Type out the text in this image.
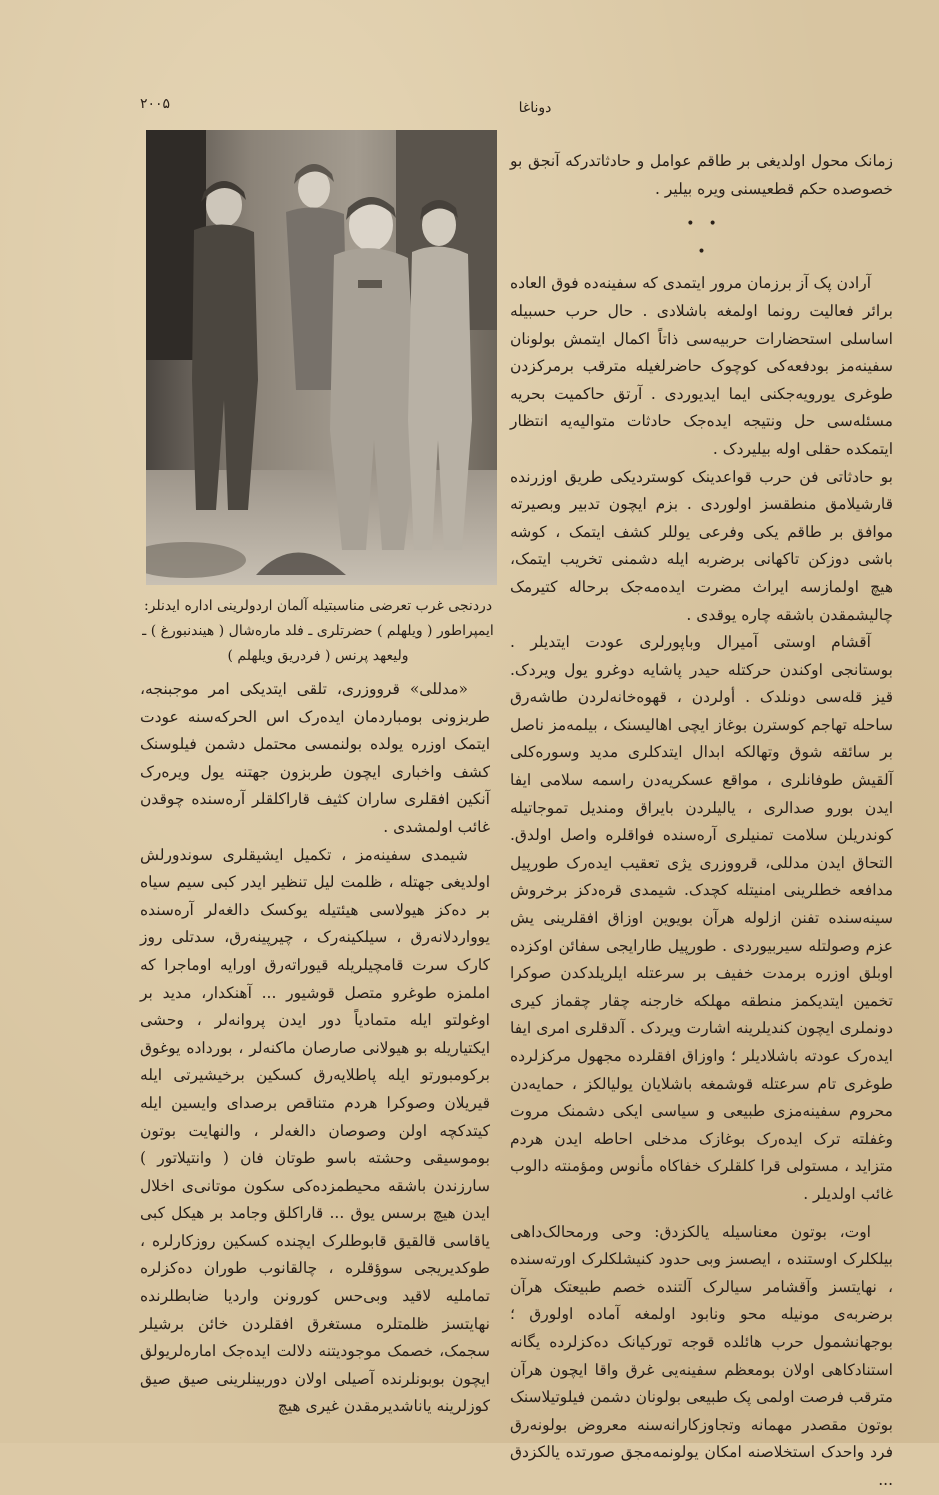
۲۰۰۵	دوناغا

دردنجی غرب تعرضی مناسبتیله آلمان اردولرینی اداره ایدنلر:

ایمپراطور ( ویلهلم ) حضرتلری ـ فلد مارەشال ( هیندنبورغ ) ـ

ولیعهد پرنس ( فردریق ویلهلم )

زمانک محول اولدیغی بر طاقم عوامل و حادثاتدرکه آنجق بو خصوصده حکم قطعیسنی ویره بیلیر .

• •
•

آرادن پک آز برزمان مرور ایتمدی که سفینەده فوق العاده برائر فعالیت رونما اولمغه باشلادی . حال حرب حسبیله اساسلی استحضارات حربیه‌سی ذاتاً اکمال ایتمش بولونان سفینه‌مز بودفعه‌کی کوچوک حاضرلغیله مترقب برمرکزدن طوغری یورویه‌جکنی ایما ایدیوردی . آرتق حاکمیت بحریه مسئله‌سی حل ونتیجه ایده‌جک حادثات متوالیه‌یه انتظار ایتمکده حقلی اوله بیلیردک .

بو حادثاتی فن حرب قواعدینک کوستردیکی طریق اوزرنده قارشیلامق منطقسز اولوردی . بزم ایچون تدبیر وبصیرته موافق بر طاقم یکی وفرعی یوللر کشف ایتمک ، کوشه باشی دوزکن تاکهانی برضربه ایله دشمنی تخریب ایتمک، هیچ اولمازسه ایراث مضرت ایده‌مه‌جک برحاله کتیرمک چالیشمقدن باشقه چاره یوقدی .

آقشام اوستی آمیرال وباپورلری عودت ایتدیلر . بوستانجی اوکندن حرکتله حیدر پاشایه دوغرو یول ویردک. قیز قله‌سی دونلدک . أولردن ، قهوه‌خانه‌لردن طاشه‌رق ساحله تهاجم کوسترن بوغاز ایچی اهالیسنک ، بیلمه‌مز ناصل بر سائقه شوق وتهالکه ابدال ایتدکلری مدید وسوره‌کلی آلقیش طوفانلری ، مواقع عسکریه‌دن راسمه سلامی ایفا ایدن بورو صدالری ، یالیلردن بایراق ومندیل تموجاتیله کوندریلن سلامت تمنیلری آره‌سنده فواقلره واصل اولدق. التحاق ایدن مدللی، قرووزری یژی تعقیب ایده‌رک طورپیل مدافعه خطلرینی امنیتله کچدک. شیمدی قره‌دکز برخروش سینه‌سنده تفنن ازلوله هرآن بویوین اوزاق افقلرینی یش عزم وصولتله سیربیوردی . طورپیل طارایجی سفائن اوکزده اوبلق اوزره برمدت خفیف بر سرعتله ایلریلدکدن صوکرا تخمین ایتدیکمز منطقه مهلکه خارجنه چقار چقماز کیری دونملری ایچون کندیلرینه اشارت ویردک . آلدقلری امری ایفا ایده‌رک عودته باشلادیلر ؛ واوزاق افقلرده مجهول مرکزلرده طوغری تام سرعتله قوشمغه باشلایان یولیالکز ، حمایه‌دن محروم سفینه‌مزی طبیعی و سیاسی ایکی دشمنک مروت وغفلته ترک ایده‌رک بوغازک مدخلی احاطه ایدن هردم متزاید ، مستولی قرا کلقلرک خفاکاه مأنوس ومؤمنته دالوب غائب اولدیلر .

اوت، بوتون معناسیله یالکزدق: وحی ورمحالک‌داهی بیلکلرک اوستنده ، ایصسز وبی حدود کنیشلکلرک اورته‌سنده ، نهایتسز وآقشامر سیالرک آلتنده خصم طبیعتک هرآن برضربه‌ی مونیله محو ونابود اولمغه آماده اولورق ؛ بوجهانشمول حرب هائلده قوجه تورکیانک ده‌کزلرده یگانه استنادکاهی اولان بومعظم سفینه‌یی غرق واقا ایچون هرآن مترقب فرصت اولمی پک طبیعی بولونان دشمن فیلوتیلاسنک بوتون مقصدر مهمانه وتجاوزکارانه‌سنه معروض بولونه‌رق فرد واحدک استخلاصنه امکان یولونمه‌مجق صورتده یالکزدق ...

«مدللی» قرووزری، تلقی ایتدیکی امر موجبنجه، طربزونی بومباردمان ایده‌رک اس الحرکه‌سنه عودت ایتمک اوزره یولده بولنمسی محتمل دشمن فیلوسنک کشف واخباری ایچون طربزون جهتنه یول ویره‌رک آنکین افقلری ساران کثیف قاراکلقلر آره‌سنده چوقدن غائب اولمشدی .

شیمدی سفینه‌مز ، تکمیل ایشیقلری سوندورلش اولدیغی جهتله ، ظلمت لیل تنظیر ایدر کبی سیم سیاه بر ده‌کز هیولاسی هیئتیله یوکسک دالغه‌لر آره‌سنده یوواردلانه‌رق ، سیلکینه‌رک ، چیرپینه‌رق، سدتلی روز کارک سرت قامچیلریله قیوراته‌رق اورایه اوماجرا که املمزه طوغرو متصل قوشیور ... آهنکدار، مدید بر اوغولتو ایله متمادیاً دور ایدن پروانه‌لر ، وحشی ایکتیاریله بو هیولانی صارصان ماکنه‌لر ، بورداده یوغوق برکومبورتو ایله پاطلایه‌رق کسکین برخیشیرتی ایله قیریلان وصوکرا هردم متناقص برصدای وایسین ایله کیتدکچه اولن وصوصان دالغه‌لر ، والنهایت بوتون بوموسیقی وحشته باسو طوتان فان ( وانتیلاتور ) سارزندن باشقه محیطمزده‌کی سکون موتانی‌ی اخلال ایدن هیچ برسس یوق ... قاراکلق وجامد بر هیکل کبی یاقاسی قالقیق قابوطلرک ایچنده کسکین روزکارلره ، طوکدیریجی سوؤقلره ، چالقانوب طوران ده‌کزلره تماملیه لاقید وبی‌حس کورونن واردیا ضابطلرنده نهایتسز ظلمتلره مستغرق افقلردن خائن برشیلر سجمک، خصمک موجودیتنه دلالت ایده‌جک امارەلریولق ایچون بوبونلرنده آصیلی اولان دوربینلرینی صیق صیق کوزلرینه یاناشدیرمقدن غیری هیچ
